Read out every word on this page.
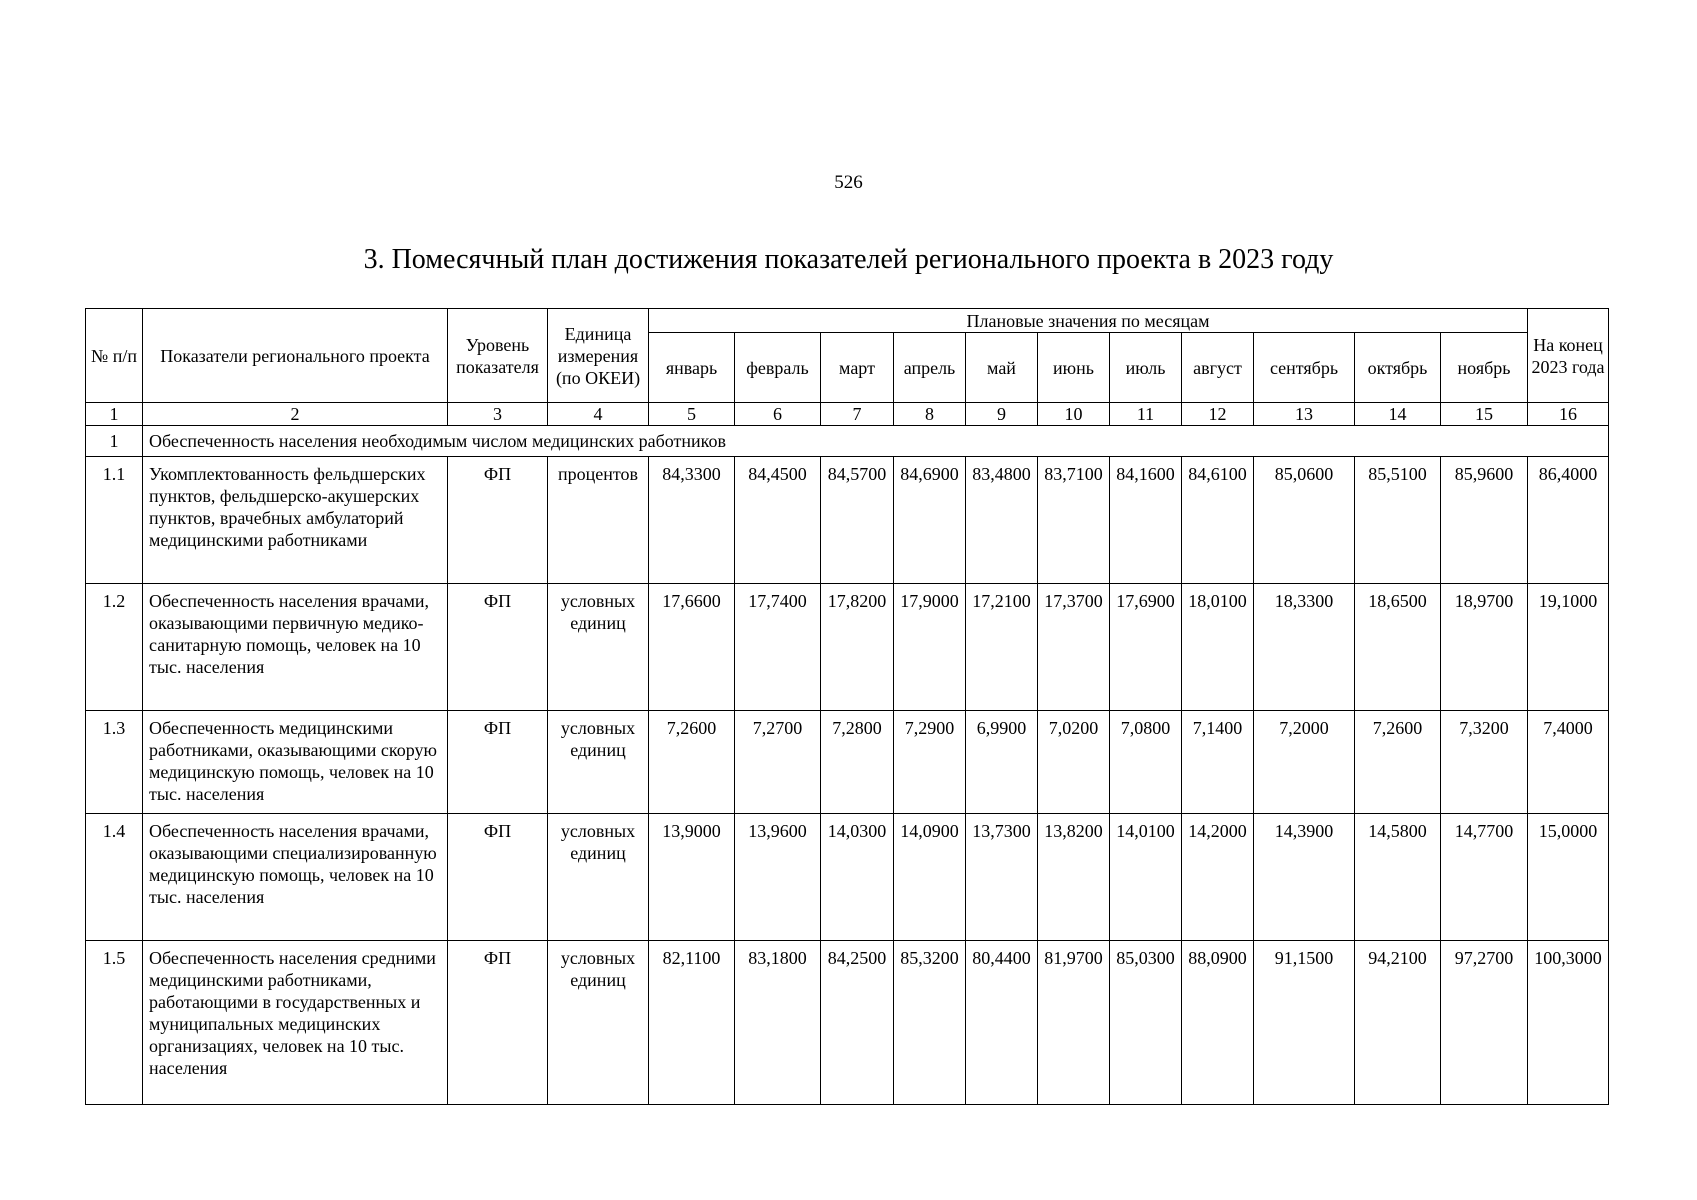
526
3. Помесячный план достижения показателей регионального проекта в 2023 году
№ п/п	Показатели регионального проекта	Уровень показателя	Единица измерения (по ОКЕИ)	Плановые значения по месяцам											На конец 2023 года
				январь	февраль	март	апрель	май	июнь	июль	август	сентябрь	октябрь	ноябрь	
1	2	3	4	5	6	7	8	9	10	11	12	13	14	15	16
1	Обеспеченность населения необходимым числом медицинских работников														
1.1	Укомплектованность фельдшерских пунктов, фельдшерско-акушерских пунктов, врачебных амбулаторий медицинскими работниками	ФП	процентов	84,3300	84,4500	84,5700	84,6900	83,4800	83,7100	84,1600	84,6100	85,0600	85,5100	85,9600	86,4000
1.2	Обеспеченность населения врачами, оказывающими первичную медико-санитарную помощь, человек на 10 тыс. населения	ФП	условных единиц	17,6600	17,7400	17,8200	17,9000	17,2100	17,3700	17,6900	18,0100	18,3300	18,6500	18,9700	19,1000
1.3	Обеспеченность медицинскими работниками, оказывающими скорую медицинскую помощь, человек на 10 тыс. населения	ФП	условных единиц	7,2600	7,2700	7,2800	7,2900	6,9900	7,0200	7,0800	7,1400	7,2000	7,2600	7,3200	7,4000
1.4	Обеспеченность населения врачами, оказывающими специализированную медицинскую помощь, человек на 10 тыс. населения	ФП	условных единиц	13,9000	13,9600	14,0300	14,0900	13,7300	13,8200	14,0100	14,2000	14,3900	14,5800	14,7700	15,0000
1.5	Обеспеченность населения средними медицинскими работниками, работающими в государственных и муниципальных медицинских организациях, человек на 10 тыс. населения	ФП	условных единиц	82,1100	83,1800	84,2500	85,3200	80,4400	81,9700	85,0300	88,0900	91,1500	94,2100	97,2700	100,3000
